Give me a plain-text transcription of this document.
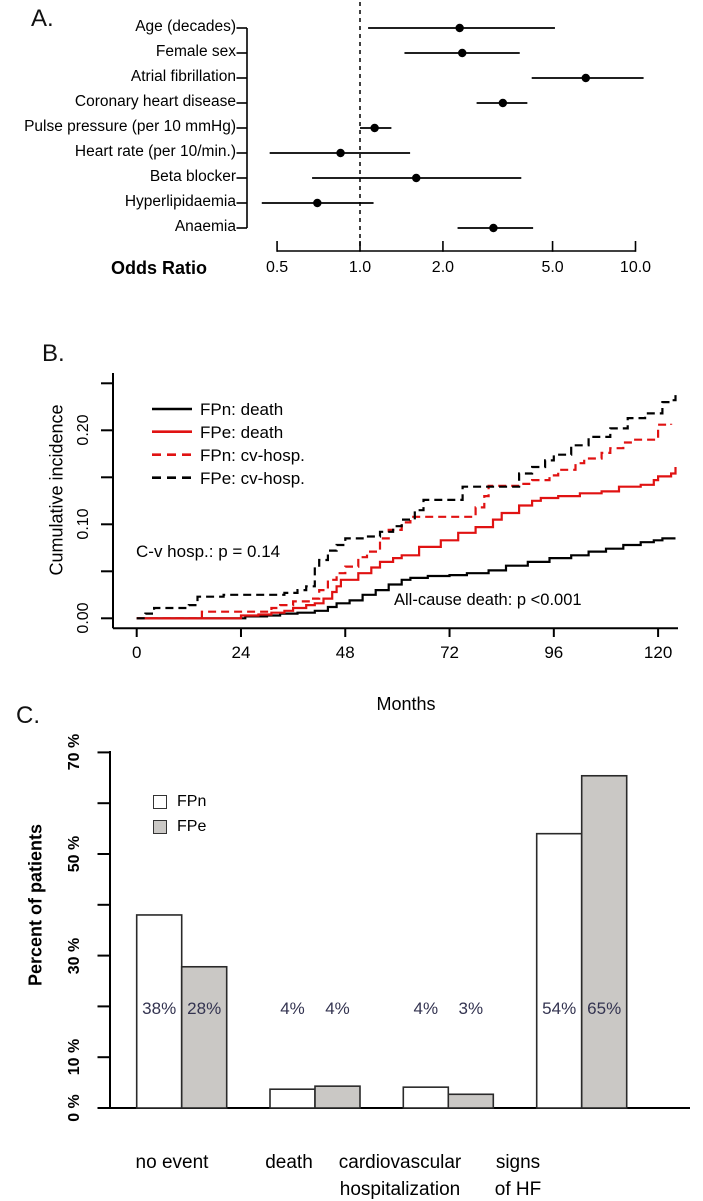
A.
Odds Ratio
Age (decades)
Female sex
Atrial fibrillation
Coronary heart disease
Pulse pressure (per 10 mmHg)
Heart rate (per 10/min.)
Beta blocker
Hyperlipidaemia
Anaemia
0.5	1.0	2.0	5.0	10.0
B.
Cumulative incidence
Months
FPn: death
FPe: death
FPn: cv-hosp.
FPe: cv-hosp.
C-v hosp.: p = 0.14
All-cause death: p <0.001
0.00
0.10
0.20
0	24	48	72	96	120
C.
Percent of patients
FPn
FPe
0 %
10 %
30 %
50 %
70 %
38% 28%	4% 4%	4% 3%	54% 65%
no event	death cardiovascular
hospitalization
signs
of HF
